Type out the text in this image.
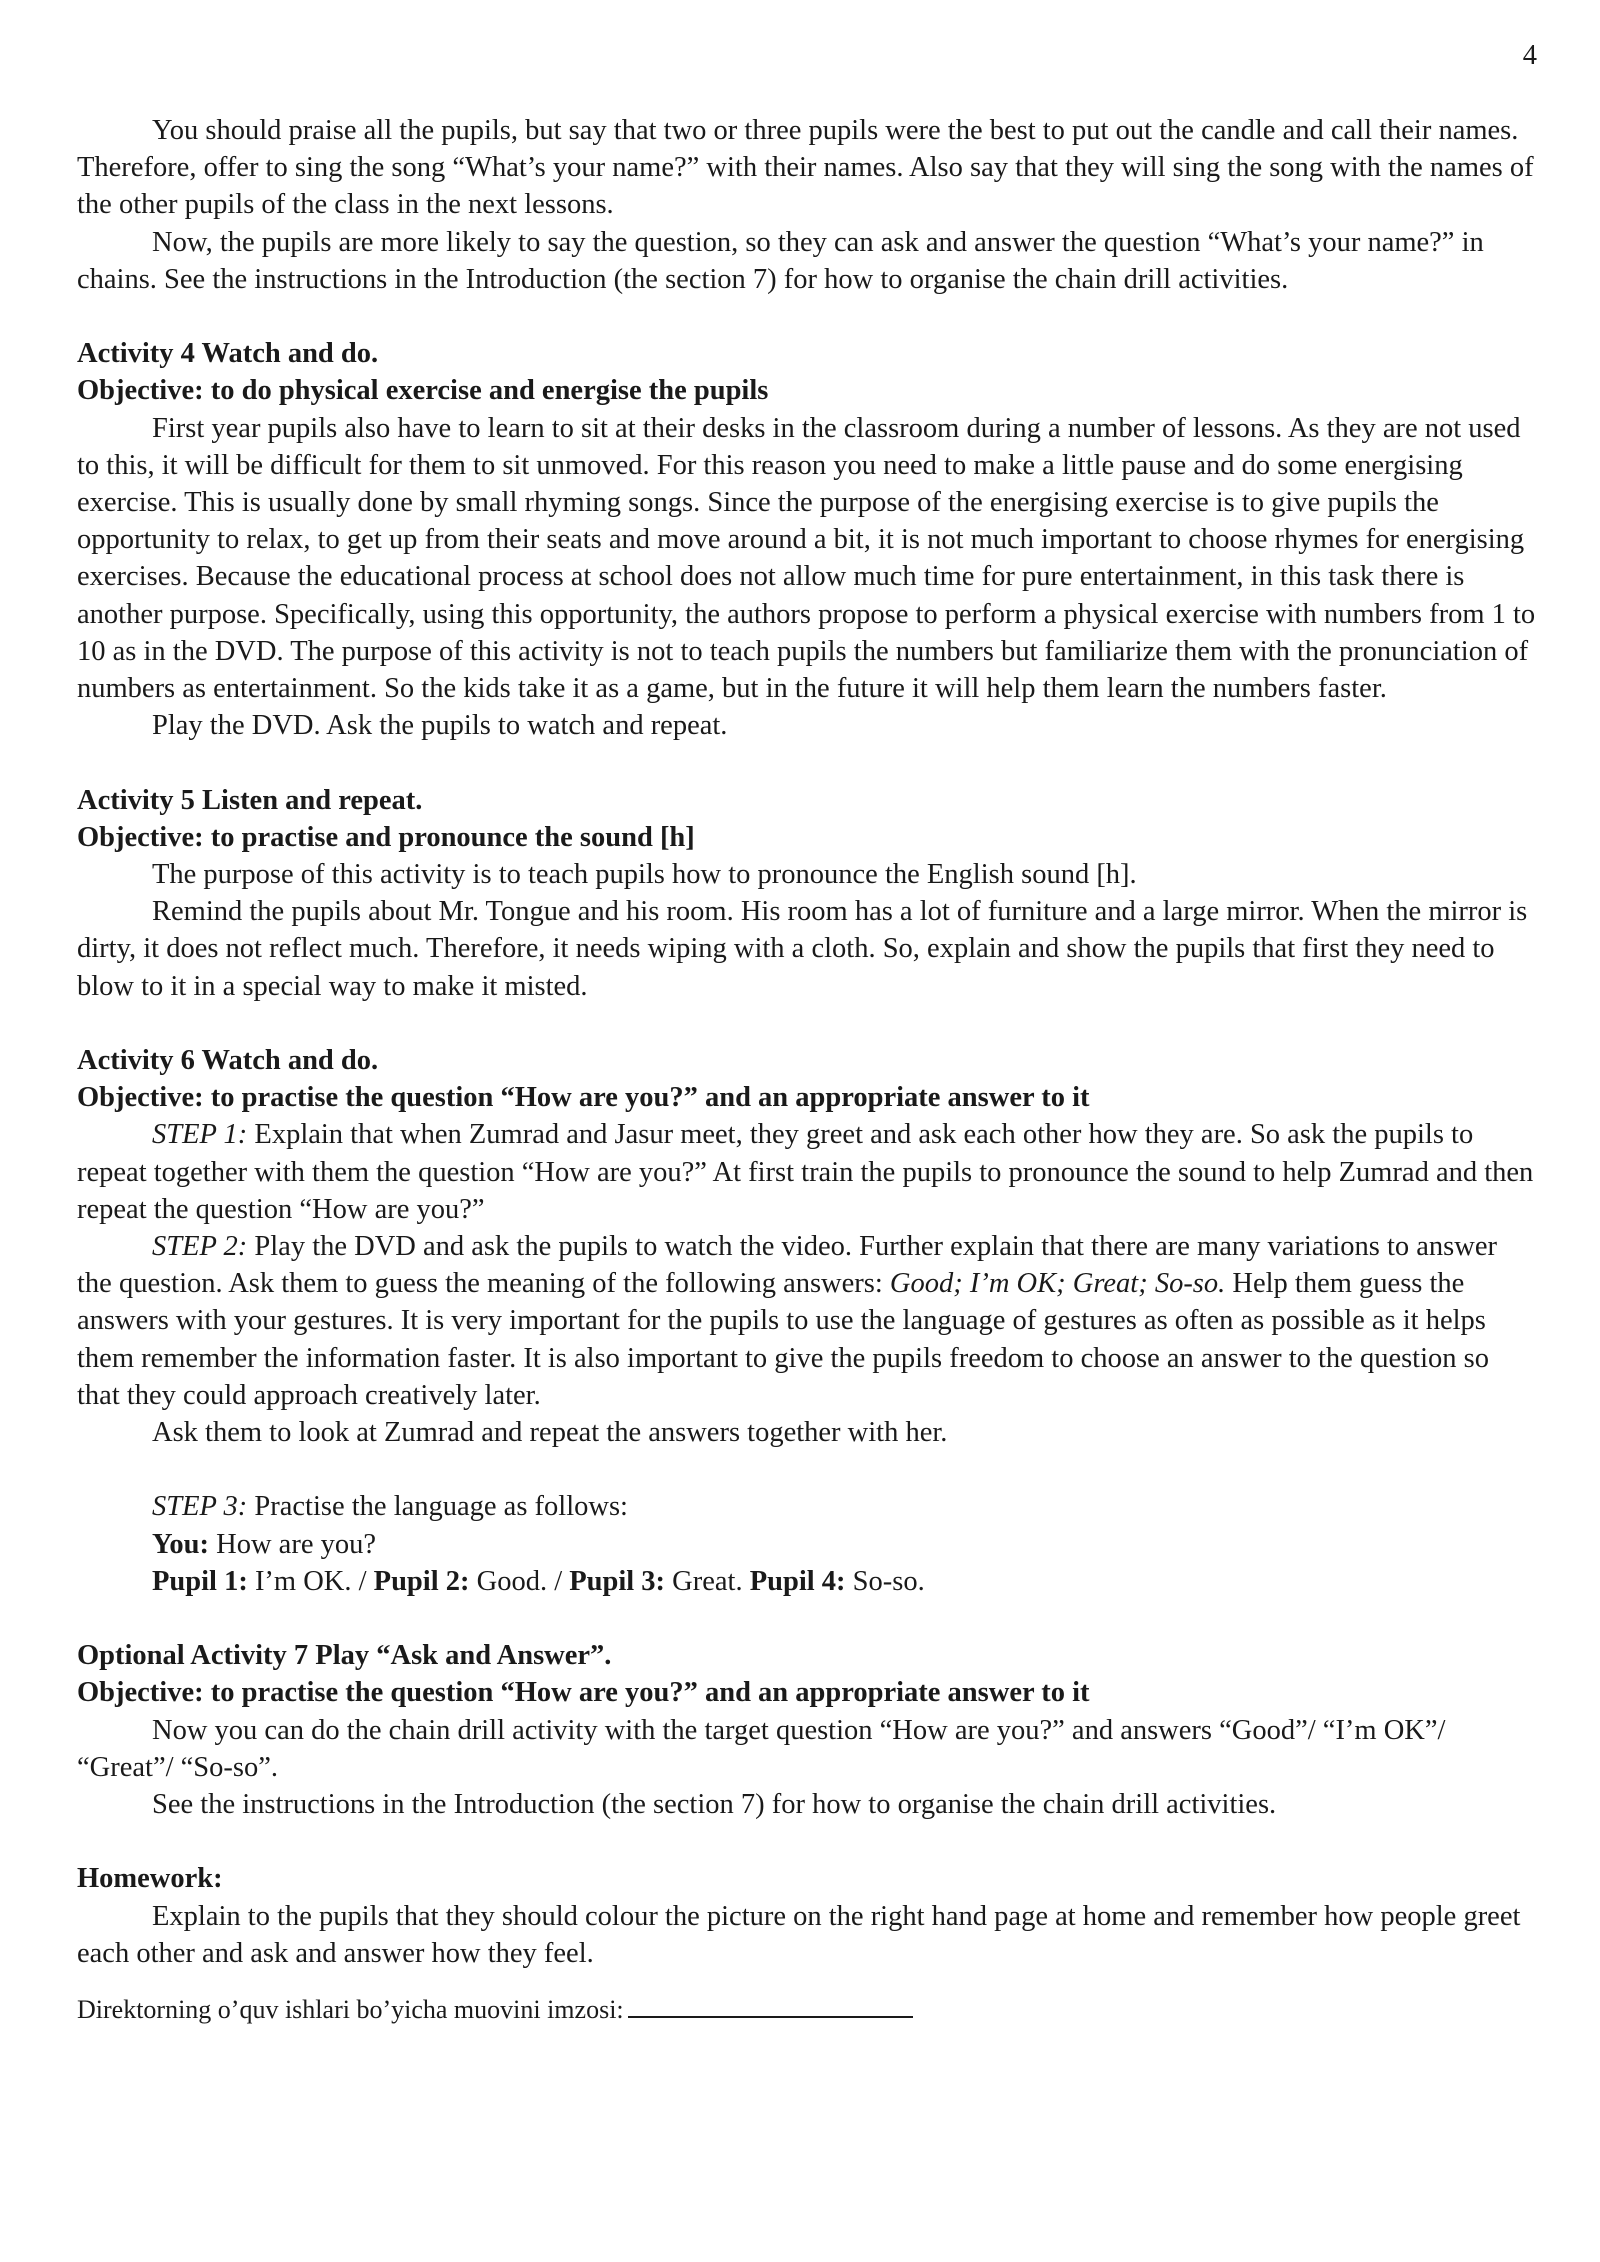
4

You should praise all the pupils, but say that two or three pupils were the best to put out the candle and call their names. Therefore, offer to sing the song “What’s your name?” with their names. Also say that they will sing the song with the names of the other pupils of the class in the next lessons.

Now, the pupils are more likely to say the question, so they can ask and answer the question “What’s your name?” in chains. See the instructions in the Introduction (the section 7) for how to organise the chain drill activities.

Activity 4 Watch and do.

Objective: to do physical exercise and energise the pupils

First year pupils also have to learn to sit at their desks in the classroom during a number of lessons. As they are not used to this, it will be difficult for them to sit unmoved. For this reason you need to make a little pause and do some energising exercise. This is usually done by small rhyming songs. Since the purpose of the energising exercise is to give pupils the opportunity to relax, to get up from their seats and move around a bit, it is not much important to choose rhymes for energising exercises. Because the educational process at school does not allow much time for pure entertainment, in this task there is another purpose. Specifically, using this opportunity, the authors propose to perform a physical exercise with numbers from 1 to 10 as in the DVD. The purpose of this activity is not to teach pupils the numbers but familiarize them with the pronunciation of numbers as entertainment. So the kids take it as a game, but in the future it will help them learn the numbers faster.

Play the DVD. Ask the pupils to watch and repeat.

Activity 5 Listen and repeat.

Objective: to practise and pronounce the sound [h]

The purpose of this activity is to teach pupils how to pronounce the English sound [h].

Remind the pupils about Mr. Tongue and his room. His room has a lot of furniture and a large mirror. When the mirror is dirty, it does not reflect much. Therefore, it needs wiping with a cloth. So, explain and show the pupils that first they need to blow to it in a special way to make it misted.

Activity 6 Watch and do.

Objective: to practise the question “How are you?” and an appropriate answer to it

STEP 1: Explain that when Zumrad and Jasur meet, they greet and ask each other how they are. So ask the pupils to repeat together with them the question “How are you?” At first train the pupils to pronounce the sound to help Zumrad and then repeat the question “How are you?”

STEP 2: Play the DVD and ask the pupils to watch the video. Further explain that there are many variations to answer the question. Ask them to guess the meaning of the following answers: Good; I’m OK; Great; So-so. Help them guess the answers with your gestures. It is very important for the pupils to use the language of gestures as often as possible as it helps them remember the information faster. It is also important to give the pupils freedom to choose an answer to the question so that they could approach creatively later.

Ask them to look at Zumrad and repeat the answers together with her.

STEP 3: Practise the language as follows:

You: How are you?

Pupil 1: I’m OK. / Pupil 2: Good. / Pupil 3: Great. Pupil 4: So-so.

Optional Activity 7 Play “Ask and Answer”.

Objective: to practise the question “How are you?” and an appropriate answer to it

Now you can do the chain drill activity with the target question “How are you?” and answers “Good”/ “I’m OK”/ “Great”/ “So-so”.

See the instructions in the Introduction (the section 7) for how to organise the chain drill activities.

Homework:

Explain to the pupils that they should colour the picture on the right hand page at home and remember how people greet each other and ask and answer how they feel.

Direktorning o’quv ishlari bo’yicha muovini imzosi:
